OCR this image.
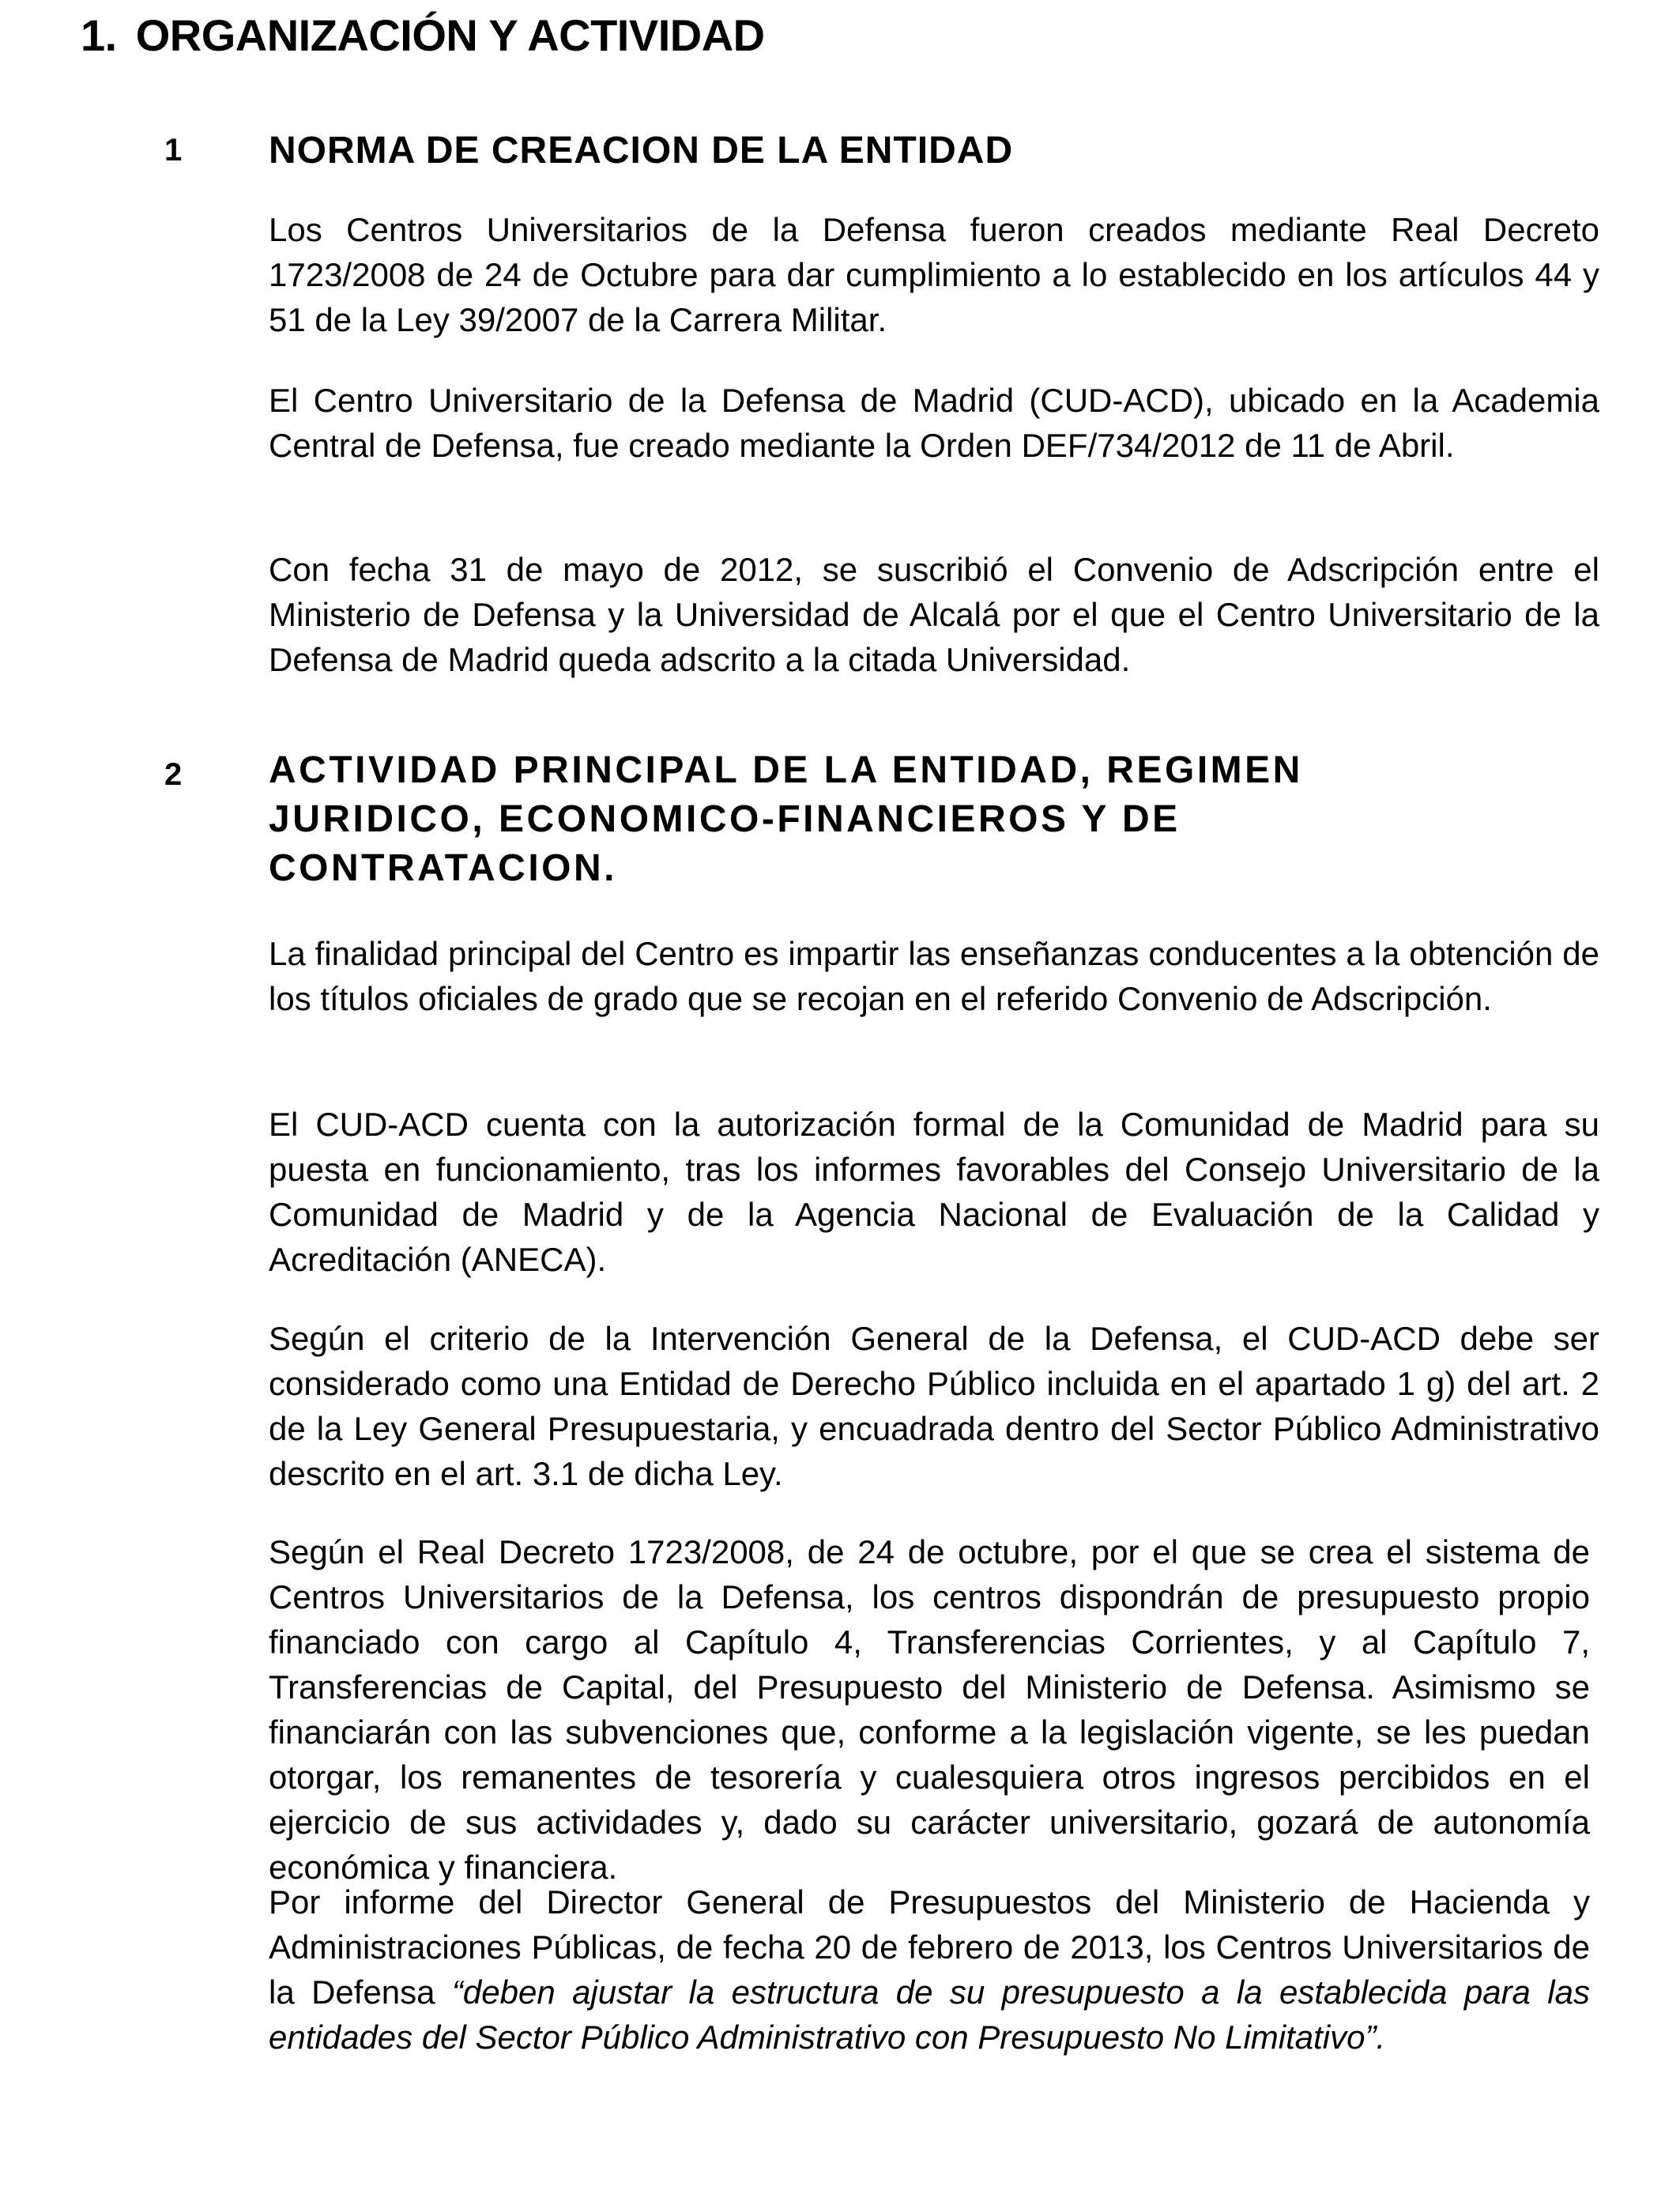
1. ORGANIZACIÓN Y ACTIVIDAD
1 NORMA DE CREACION DE LA ENTIDAD
Los Centros Universitarios de la Defensa fueron creados mediante Real Decreto 1723/2008 de 24 de Octubre para dar cumplimiento a lo establecido en los artículos 44 y 51 de la Ley 39/2007 de la Carrera Militar.
El Centro Universitario de la Defensa de Madrid (CUD-ACD), ubicado en la Academia Central de Defensa, fue creado mediante la Orden DEF/734/2012 de 11 de Abril.
Con fecha 31 de mayo de 2012, se suscribió el Convenio de Adscripción entre el Ministerio de Defensa y la Universidad de Alcalá por el que el Centro Universitario de la Defensa de Madrid queda adscrito a la citada Universidad.
2 ACTIVIDAD PRINCIPAL DE LA ENTIDAD, REGIMEN JURIDICO, ECONOMICO-FINANCIEROS Y DE CONTRATACION.
La finalidad principal del Centro es impartir las enseñanzas conducentes a la obtención de los títulos oficiales de grado que se recojan en el referido Convenio de Adscripción.
El CUD-ACD cuenta con la autorización formal de la Comunidad de Madrid para su puesta en funcionamiento, tras los informes favorables del Consejo Universitario de la Comunidad de Madrid y de la Agencia Nacional de Evaluación de la Calidad y Acreditación (ANECA).
Según el criterio de la Intervención General de la Defensa, el CUD-ACD debe ser considerado como una Entidad de Derecho Público incluida en el apartado 1 g) del art. 2 de la Ley General Presupuestaria, y encuadrada dentro del Sector Público Administrativo descrito en el art. 3.1 de dicha Ley.
Según el Real Decreto 1723/2008, de 24 de octubre, por el que se crea el sistema de Centros Universitarios de la Defensa, los centros dispondrán de presupuesto propio financiado con cargo al Capítulo 4, Transferencias Corrientes, y al Capítulo 7, Transferencias de Capital, del Presupuesto del Ministerio de Defensa. Asimismo se financiarán con las subvenciones que, conforme a la legislación vigente, se les puedan otorgar, los remanentes de tesorería y cualesquiera otros ingresos percibidos en el ejercicio de sus actividades y, dado su carácter universitario, gozará de autonomía económica y financiera.
Por informe del Director General de Presupuestos del Ministerio de Hacienda y Administraciones Públicas, de fecha 20 de febrero de 2013, los Centros Universitarios de la Defensa “deben ajustar la estructura de su presupuesto a la establecida para las entidades del Sector Público Administrativo con Presupuesto No Limitativo”.
